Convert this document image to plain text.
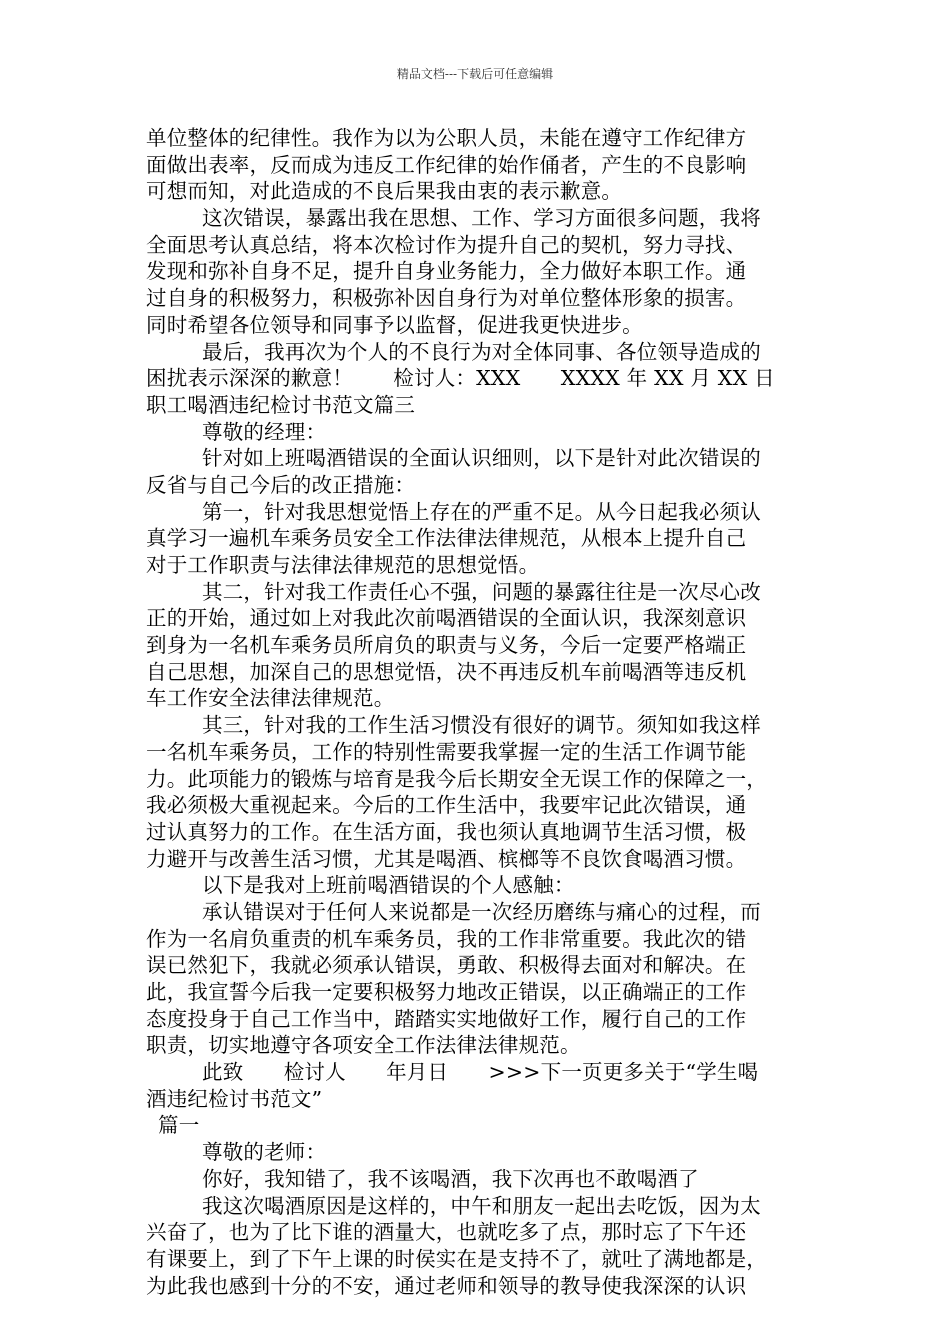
精品文档---下载后可任意编辑
单位整体的纪律性。我作为以为公职人员，未能在遵守工作纪律方
面做出表率，反而成为违反工作纪律的始作俑者，产生的不良影响
可想而知，对此造成的不良后果我由衷的表示歉意。
这次错误，暴露出我在思想、工作、学习方面很多问题，我将
全面思考认真总结，将本次检讨作为提升自己的契机，努力寻找、
发现和弥补自身不足，提升自身业务能力，全力做好本职工作。通
过自身的积极努力，积极弥补因自身行为对单位整体形象的损害。
同时希望各位领导和同事予以监督，促进我更快进步。
最后，我再次为个人的不良行为对全体同事、各位领导造成的
困扰表示深深的歉意！      检讨人：XXX      XXXX 年 XX 月 XX 日
职工喝酒违纪检讨书范文篇三
尊敬的经理：
针对如上班喝酒错误的全面认识细则，以下是针对此次错误的
反省与自己今后的改正措施：
第一，针对我思想觉悟上存在的严重不足。从今日起我必须认
真学习一遍机车乘务员安全工作法律法律规范，从根本上提升自己
对于工作职责与法律法律规范的思想觉悟。
其二，针对我工作责任心不强，问题的暴露往往是一次尽心改
正的开始，通过如上对我此次前喝酒错误的全面认识，我深刻意识
到身为一名机车乘务员所肩负的职责与义务，今后一定要严格端正
自己思想，加深自己的思想觉悟，决不再违反机车前喝酒等违反机
车工作安全法律法律规范。
其三，针对我的工作生活习惯没有很好的调节。须知如我这样
一名机车乘务员，工作的特别性需要我掌握一定的生活工作调节能
力。此项能力的锻炼与培育是我今后长期安全无误工作的保障之一，
我必须极大重视起来。今后的工作生活中，我要牢记此次错误，通
过认真努力的工作。在生活方面，我也须认真地调节生活习惯，极
力避开与改善生活习惯，尤其是喝酒、槟榔等不良饮食喝酒习惯。
以下是我对上班前喝酒错误的个人感触：
承认错误对于任何人来说都是一次经历磨练与痛心的过程，而
作为一名肩负重责的机车乘务员，我的工作非常重要。我此次的错
误已然犯下，我就必须承认错误，勇敢、积极得去面对和解决。在
此，我宣誓今后我一定要积极努力地改正错误，以正确端正的工作
态度投身于自己工作当中，踏踏实实地做好工作，履行自己的工作
职责，切实地遵守各项安全工作法律法律规范。
此致      检讨人      年月日      >>>下一页更多关于“学生喝
酒违纪检讨书范文”
篇一
尊敬的老师：
你好，我知错了，我不该喝酒，我下次再也不敢喝酒了
我这次喝酒原因是这样的，中午和朋友一起出去吃饭，因为太
兴奋了，也为了比下谁的酒量大，也就吃多了点，那时忘了下午还
有课要上，到了下午上课的时侯实在是支持不了，就吐了满地都是，
为此我也感到十分的不安，通过老师和领导的教导使我深深的认识
